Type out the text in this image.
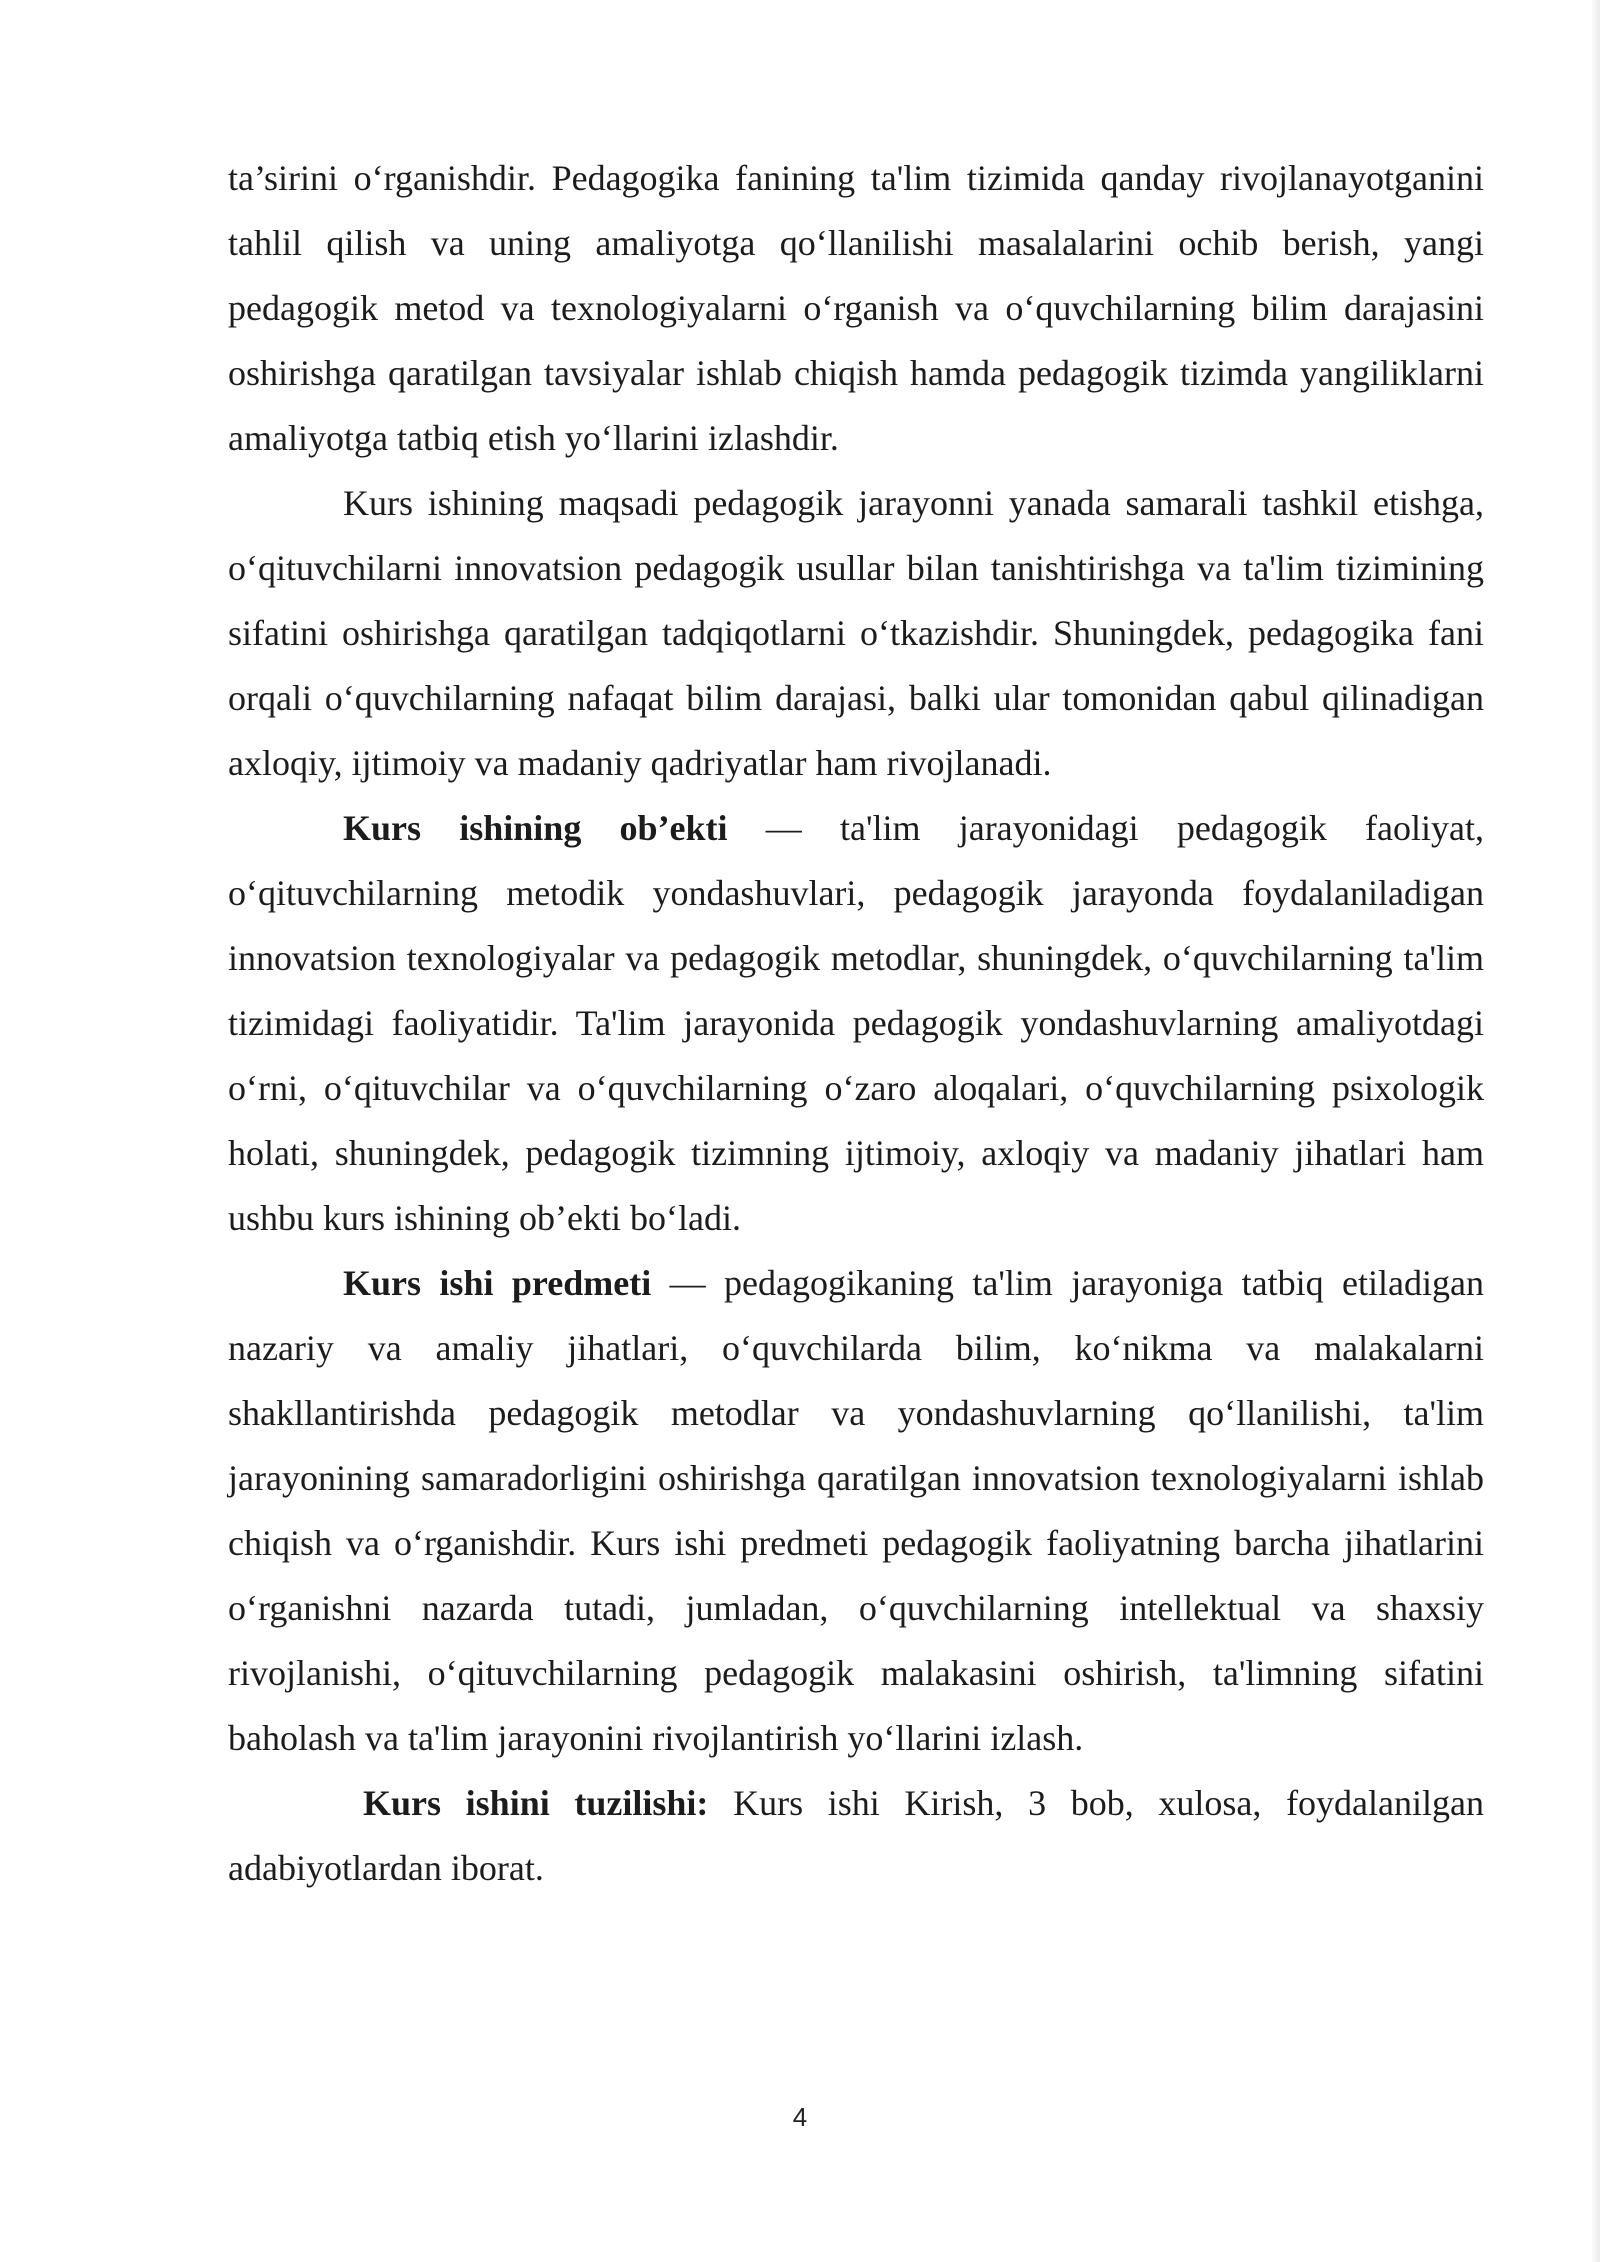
ta’sirini o‘rganishdir. Pedagogika fanining ta'lim tizimida qanday rivojlanayotganini tahlil qilish va uning amaliyotga qo‘llanilishi masalalarini ochib berish, yangi pedagogik metod va texnologiyalarni o‘rganish va o‘quvchilarning bilim darajasini oshirishga qaratilgan tavsiyalar ishlab chiqish hamda pedagogik tizimda yangiliklarni amaliyotga tatbiq etish yo‘llarini izlashdir.

Kurs ishining maqsadi pedagogik jarayonni yanada samarali tashkil etishga, o‘qituvchilarni innovatsion pedagogik usullar bilan tanishtirishga va ta'lim tizimining sifatini oshirishga qaratilgan tadqiqotlarni o‘tkazishdir. Shuningdek, pedagogika fani orqali o‘quvchilarning nafaqat bilim darajasi, balki ular tomonidan qabul qilinadigan axloqiy, ijtimoiy va madaniy qadriyatlar ham rivojlanadi.

Kurs ishining ob’ekti — ta'lim jarayonidagi pedagogik faoliyat, o‘qituvchilarning metodik yondashuvlari, pedagogik jarayonda foydalaniladigan innovatsion texnologiyalar va pedagogik metodlar, shuningdek, o‘quvchilarning ta'lim tizimidagi faoliyatidir. Ta'lim jarayonida pedagogik yondashuvlarning amaliyotdagi o‘rni, o‘qituvchilar va o‘quvchilarning o‘zaro aloqalari, o‘quvchilarning psixologik holati, shuningdek, pedagogik tizimning ijtimoiy, axloqiy va madaniy jihatlari ham ushbu kurs ishining ob’ekti bo‘ladi.

Kurs ishi predmeti — pedagogikaning ta'lim jarayoniga tatbiq etiladigan nazariy va amaliy jihatlari, o‘quvchilarda bilim, ko‘nikma va malakalarni shakllantirishda pedagogik metodlar va yondashuvlarning qo‘llanilishi, ta'lim jarayonining samaradorligini oshirishga qaratilgan innovatsion texnologiyalarni ishlab chiqish va o‘rganishdir. Kurs ishi predmeti pedagogik faoliyatning barcha jihatlarini o‘rganishni nazarda tutadi, jumladan, o‘quvchilarning intellektual va shaxsiy rivojlanishi, o‘qituvchilarning pedagogik malakasini oshirish, ta'limning sifatini baholash va ta'lim jarayonini rivojlantirish yo‘llarini izlash.

Kurs ishini tuzilishi: Kurs ishi Kirish, 3 bob, xulosa, foydalanilgan adabiyotlardan iborat.

4
